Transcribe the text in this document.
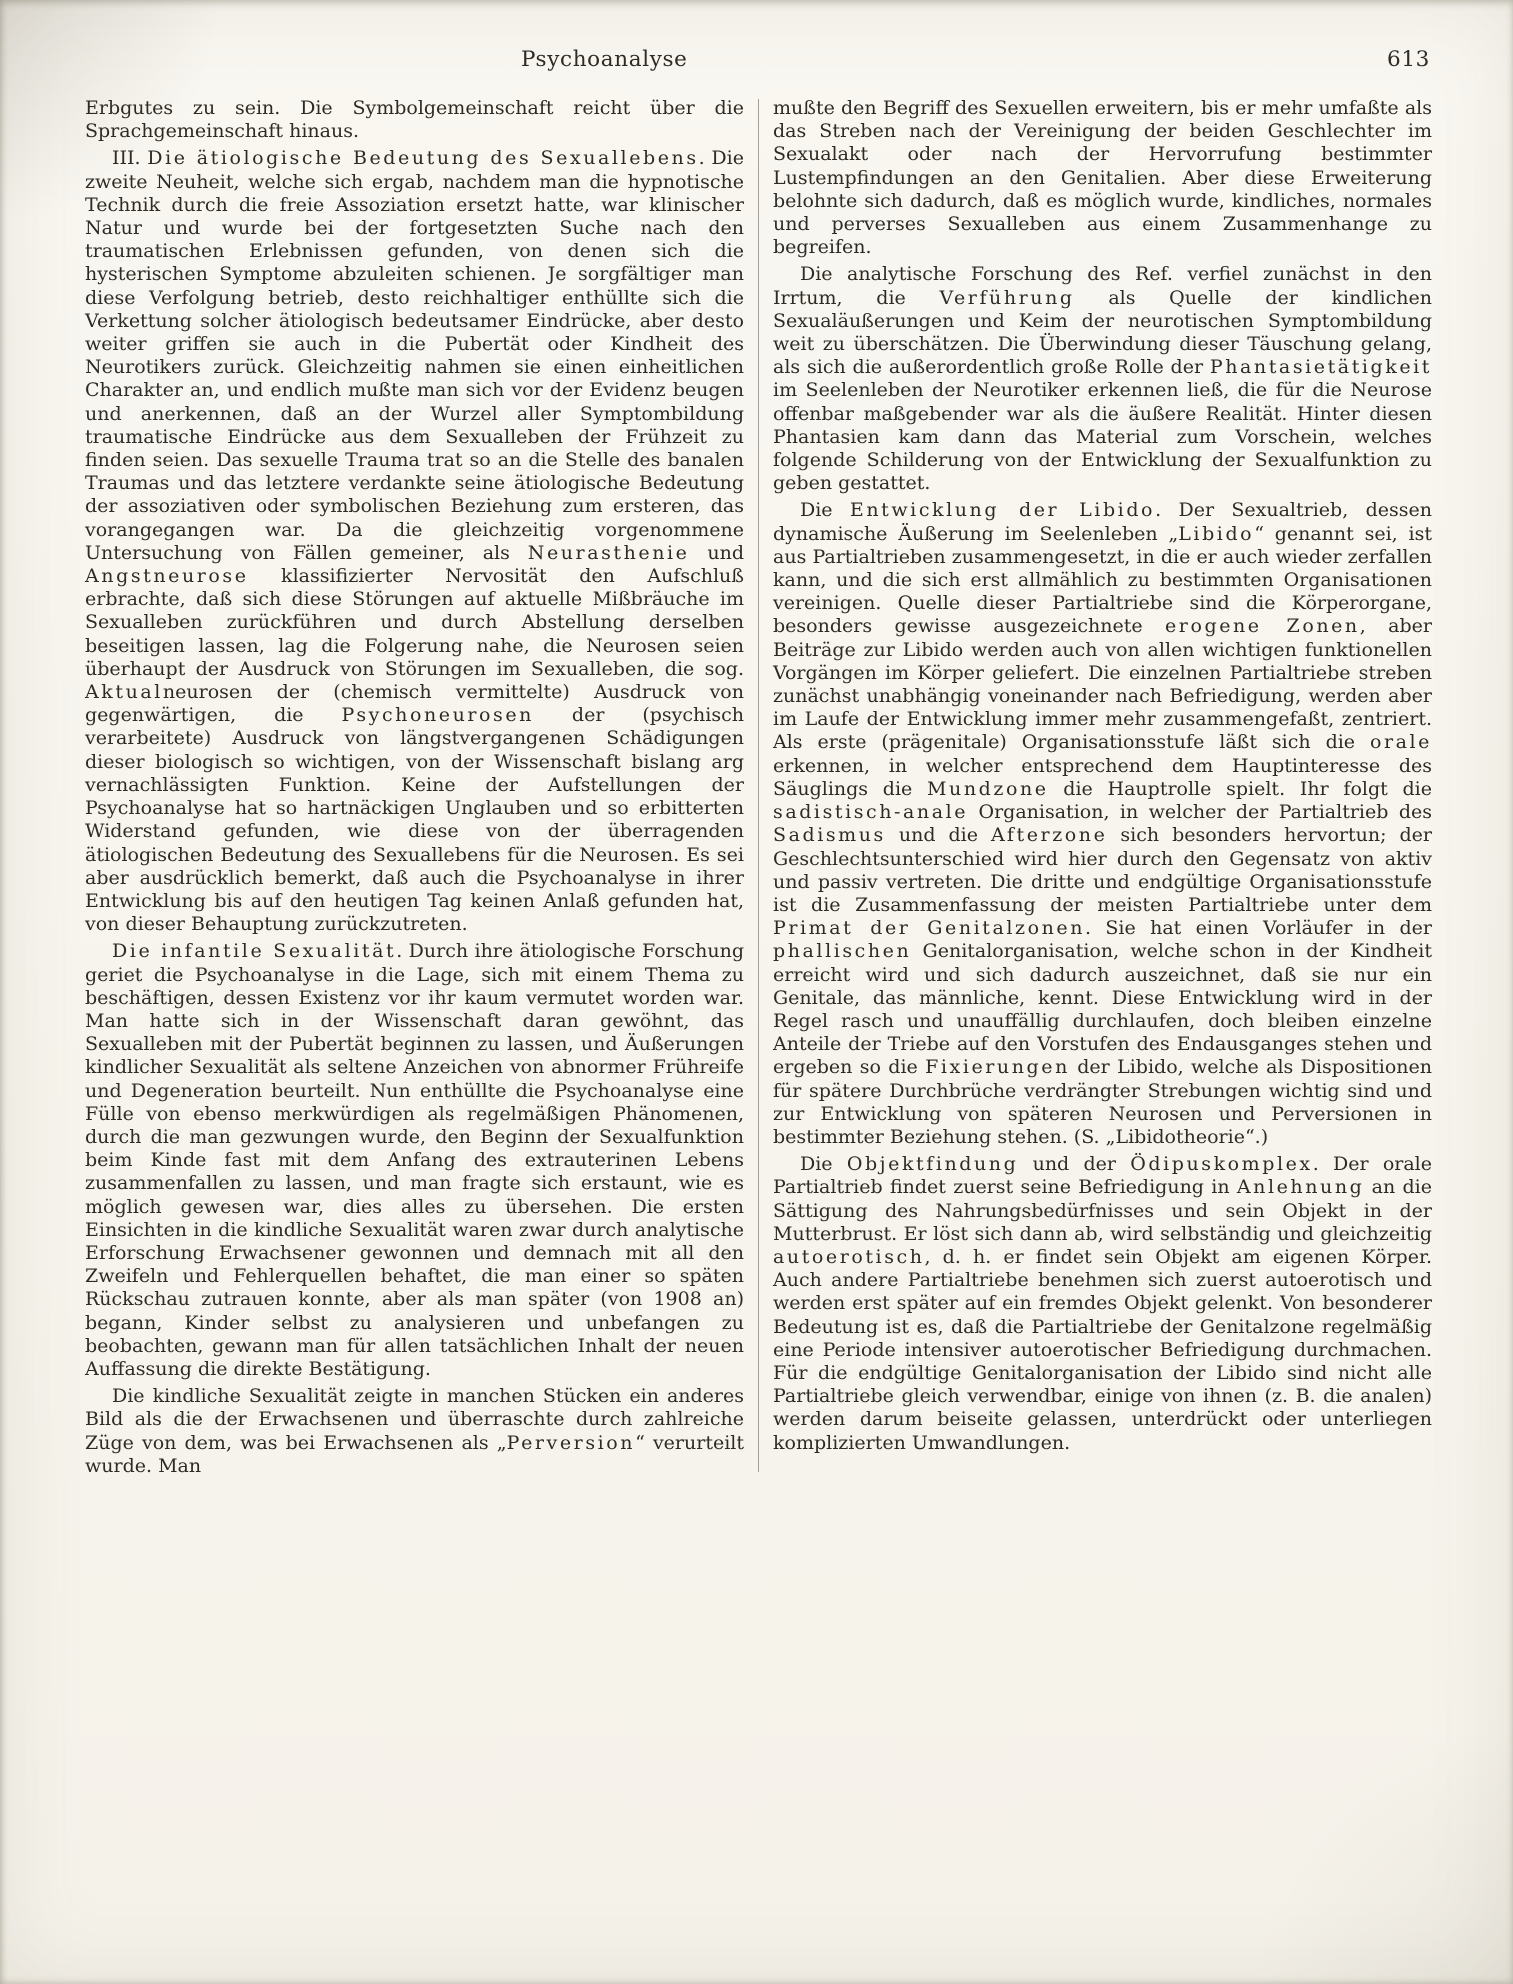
Psychoanalyse	613

Erbgutes zu sein. Die Symbolgemeinschaft reicht über die Sprachgemeinschaft hinaus.

III. Die ätiologische Bedeutung des Sexuallebens. Die zweite Neuheit, welche sich ergab, nachdem man die hypnotische Technik durch die freie Assoziation ersetzt hatte, war klinischer Natur und wurde bei der fortgesetzten Suche nach den traumatischen Erlebnissen gefunden, von denen sich die hysterischen Symptome abzuleiten schienen. Je sorgfältiger man diese Verfolgung betrieb, desto reichhaltiger enthüllte sich die Verkettung solcher ätiologisch bedeutsamer Eindrücke, aber desto weiter griffen sie auch in die Pubertät oder Kindheit des Neurotikers zurück. Gleichzeitig nahmen sie einen einheitlichen Charakter an, und endlich mußte man sich vor der Evidenz beugen und anerkennen, daß an der Wurzel aller Symptombildung traumatische Eindrücke aus dem Sexualleben der Frühzeit zu finden seien. Das sexuelle Trauma trat so an die Stelle des banalen Traumas und das letztere verdankte seine ätiologische Bedeutung der assoziativen oder symbolischen Beziehung zum ersteren, das vorangegangen war. Da die gleichzeitig vorgenommene Untersuchung von Fällen gemeiner, als Neurasthenie und Angstneurose klassifizierter Nervosität den Aufschluß erbrachte, daß sich diese Störungen auf aktuelle Mißbräuche im Sexualleben zurückführen und durch Abstellung derselben beseitigen lassen, lag die Folgerung nahe, die Neurosen seien überhaupt der Ausdruck von Störungen im Sexualleben, die sog. Aktualneurosen der (chemisch vermittelte) Ausdruck von gegenwärtigen, die Psychoneurosen der (psychisch verarbeitete) Ausdruck von längstvergangenen Schädigungen dieser biologisch so wichtigen, von der Wissenschaft bislang arg vernachlässigten Funktion. Keine der Aufstellungen der Psychoanalyse hat so hartnäckigen Unglauben und so erbitterten Widerstand gefunden, wie diese von der überragenden ätiologischen Bedeutung des Sexuallebens für die Neurosen. Es sei aber ausdrücklich bemerkt, daß auch die Psychoanalyse in ihrer Entwicklung bis auf den heutigen Tag keinen Anlaß gefunden hat, von dieser Behauptung zurückzutreten.

Die infantile Sexualität. Durch ihre ätiologische Forschung geriet die Psychoanalyse in die Lage, sich mit einem Thema zu beschäftigen, dessen Existenz vor ihr kaum vermutet worden war. Man hatte sich in der Wissenschaft daran gewöhnt, das Sexualleben mit der Pubertät beginnen zu lassen, und Äußerungen kindlicher Sexualität als seltene Anzeichen von abnormer Frühreife und Degeneration beurteilt. Nun enthüllte die Psychoanalyse eine Fülle von ebenso merkwürdigen als regelmäßigen Phänomenen, durch die man gezwungen wurde, den Beginn der Sexualfunktion beim Kinde fast mit dem Anfang des extrauterinen Lebens zusammenfallen zu lassen, und man fragte sich erstaunt, wie es möglich gewesen war, dies alles zu übersehen. Die ersten Einsichten in die kindliche Sexualität waren zwar durch analytische Erforschung Erwachsener gewonnen und demnach mit all den Zweifeln und Fehlerquellen behaftet, die man einer so späten Rückschau zutrauen konnte, aber als man später (von 1908 an) begann, Kinder selbst zu analysieren und unbefangen zu beobachten, gewann man für allen tatsächlichen Inhalt der neuen Auffassung die direkte Bestätigung.

Die kindliche Sexualität zeigte in manchen Stücken ein anderes Bild als die der Erwachsenen und überraschte durch zahlreiche Züge von dem, was bei Erwachsenen als „Perversion“ verurteilt wurde. Man

mußte den Begriff des Sexuellen erweitern, bis er mehr umfaßte als das Streben nach der Vereinigung der beiden Geschlechter im Sexualakt oder nach der Hervorrufung bestimmter Lustempfindungen an den Genitalien. Aber diese Erweiterung belohnte sich dadurch, daß es möglich wurde, kindliches, normales und perverses Sexualleben aus einem Zusammenhange zu begreifen.

Die analytische Forschung des Ref. verfiel zunächst in den Irrtum, die Verführung als Quelle der kindlichen Sexualäußerungen und Keim der neurotischen Symptombildung weit zu überschätzen. Die Überwindung dieser Täuschung gelang, als sich die außerordentlich große Rolle der Phantasietätigkeit im Seelenleben der Neurotiker erkennen ließ, die für die Neurose offenbar maßgebender war als die äußere Realität. Hinter diesen Phantasien kam dann das Material zum Vorschein, welches folgende Schilderung von der Entwicklung der Sexualfunktion zu geben gestattet.

Die Entwicklung der Libido. Der Sexualtrieb, dessen dynamische Äußerung im Seelenleben „Libido“ genannt sei, ist aus Partialtrieben zusammengesetzt, in die er auch wieder zerfallen kann, und die sich erst allmählich zu bestimmten Organisationen vereinigen. Quelle dieser Partialtriebe sind die Körperorgane, besonders gewisse ausgezeichnete erogene Zonen, aber Beiträge zur Libido werden auch von allen wichtigen funktionellen Vorgängen im Körper geliefert. Die einzelnen Partialtriebe streben zunächst unabhängig voneinander nach Befriedigung, werden aber im Laufe der Entwicklung immer mehr zusammengefaßt, zentriert. Als erste (prägenitale) Organisationsstufe läßt sich die orale erkennen, in welcher entsprechend dem Hauptinteresse des Säuglings die Mundzone die Hauptrolle spielt. Ihr folgt die sadistisch-anale Organisation, in welcher der Partialtrieb des Sadismus und die Afterzone sich besonders hervortun; der Geschlechtsunterschied wird hier durch den Gegensatz von aktiv und passiv vertreten. Die dritte und endgültige Organisationsstufe ist die Zusammenfassung der meisten Partialtriebe unter dem Primat der Genitalzonen. Sie hat einen Vorläufer in der phallischen Genitalorganisation, welche schon in der Kindheit erreicht wird und sich dadurch auszeichnet, daß sie nur ein Genitale, das männliche, kennt. Diese Entwicklung wird in der Regel rasch und unauffällig durchlaufen, doch bleiben einzelne Anteile der Triebe auf den Vorstufen des Endausganges stehen und ergeben so die Fixierungen der Libido, welche als Dispositionen für spätere Durchbrüche verdrängter Strebungen wichtig sind und zur Entwicklung von späteren Neurosen und Perversionen in bestimmter Beziehung stehen. (S. „Libidotheorie“.)

Die Objektfindung und der Ödipuskomplex. Der orale Partialtrieb findet zuerst seine Befriedigung in Anlehnung an die Sättigung des Nahrungsbedürfnisses und sein Objekt in der Mutterbrust. Er löst sich dann ab, wird selbständig und gleichzeitig autoerotisch, d. h. er findet sein Objekt am eigenen Körper. Auch andere Partialtriebe benehmen sich zuerst autoerotisch und werden erst später auf ein fremdes Objekt gelenkt. Von besonderer Bedeutung ist es, daß die Partialtriebe der Genitalzone regelmäßig eine Periode intensiver autoerotischer Befriedigung durchmachen. Für die endgültige Genitalorganisation der Libido sind nicht alle Partialtriebe gleich verwendbar, einige von ihnen (z. B. die analen) werden darum beiseite gelassen, unterdrückt oder unterliegen komplizierten Umwandlungen.
